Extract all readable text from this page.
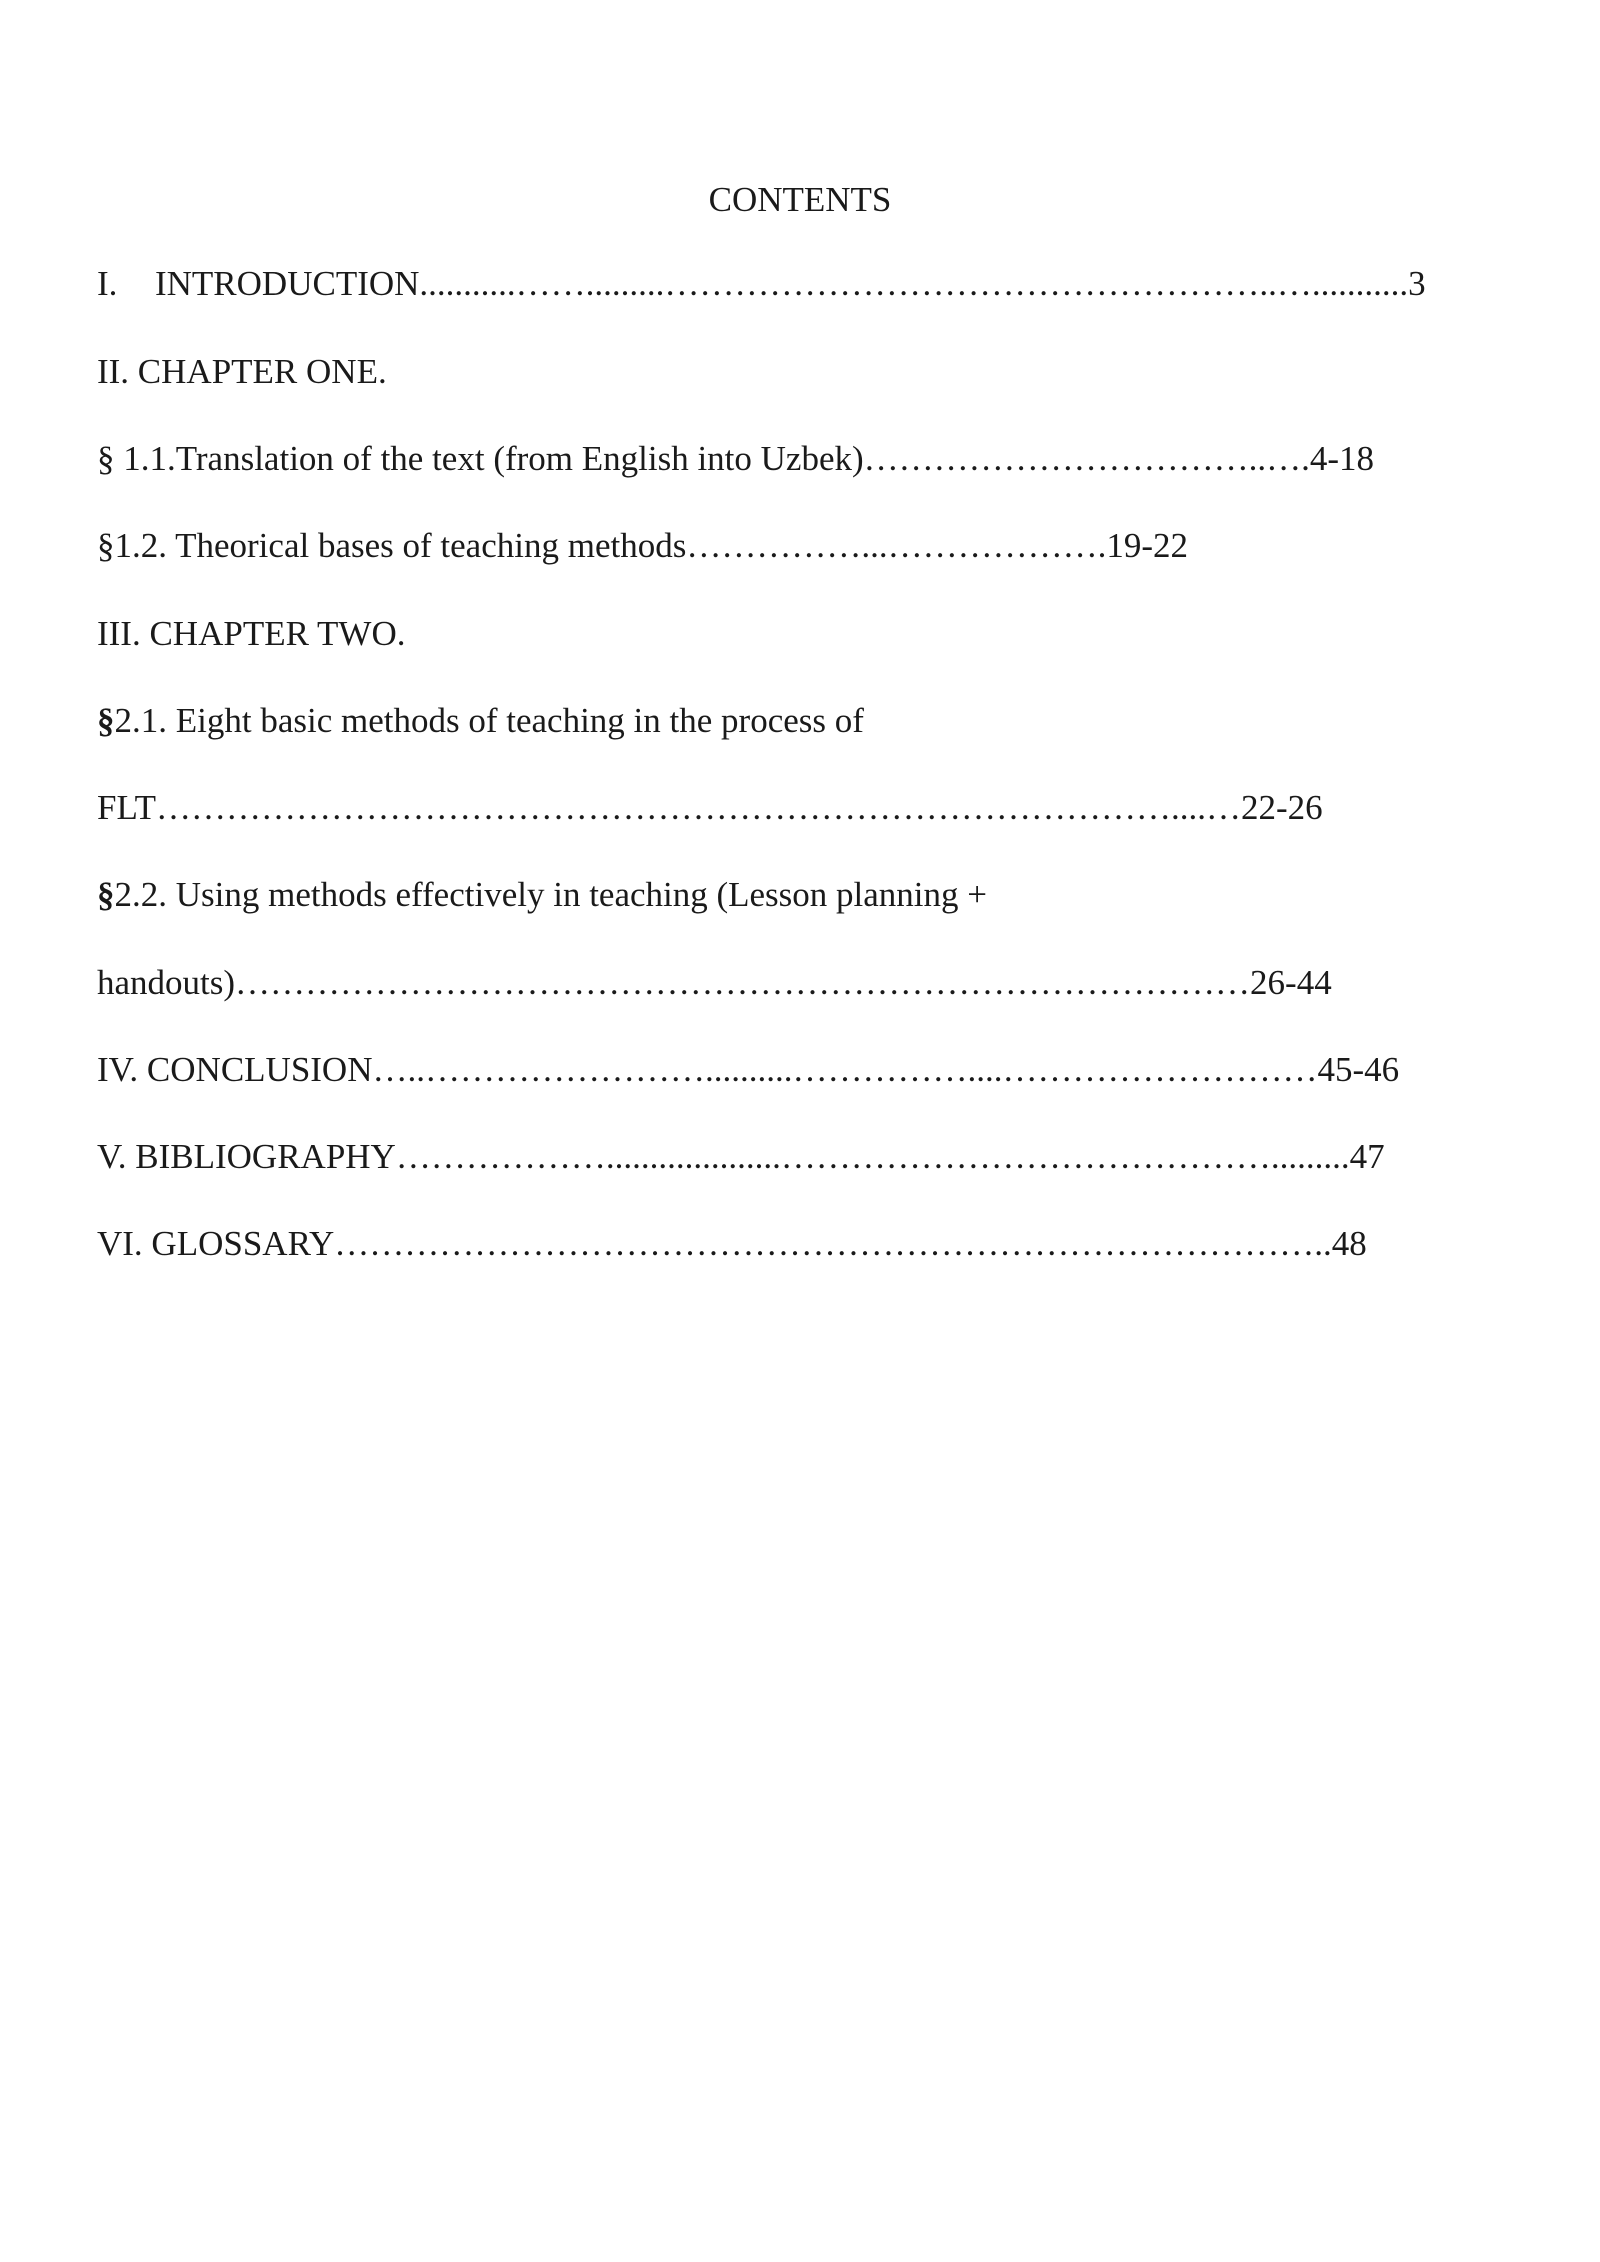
CONTENTS
I. INTRODUCTION...........…….........……………………………………………..…...........3
II. CHAPTER ONE.
§ 1.1.Translation of the text (from English into Uzbek)……………………………..….4-18
§1.2. Theorical bases of teaching methods……………...……………….19-22
III. CHAPTER TWO.
§2.1. Eight basic methods of teaching in the process of
FLT……………………………………………………………………………....…22-26
§2.2. Using methods effectively in teaching (Lesson planning +
handouts)……………………………………………………………………………26-44
IV. CONCLUSION…..……………………..........……………....………………………45-46
V. BIBLIOGRAPHY………………....................…………………………………….........47
VI. GLOSSARY…………………………………………………………………………..48
